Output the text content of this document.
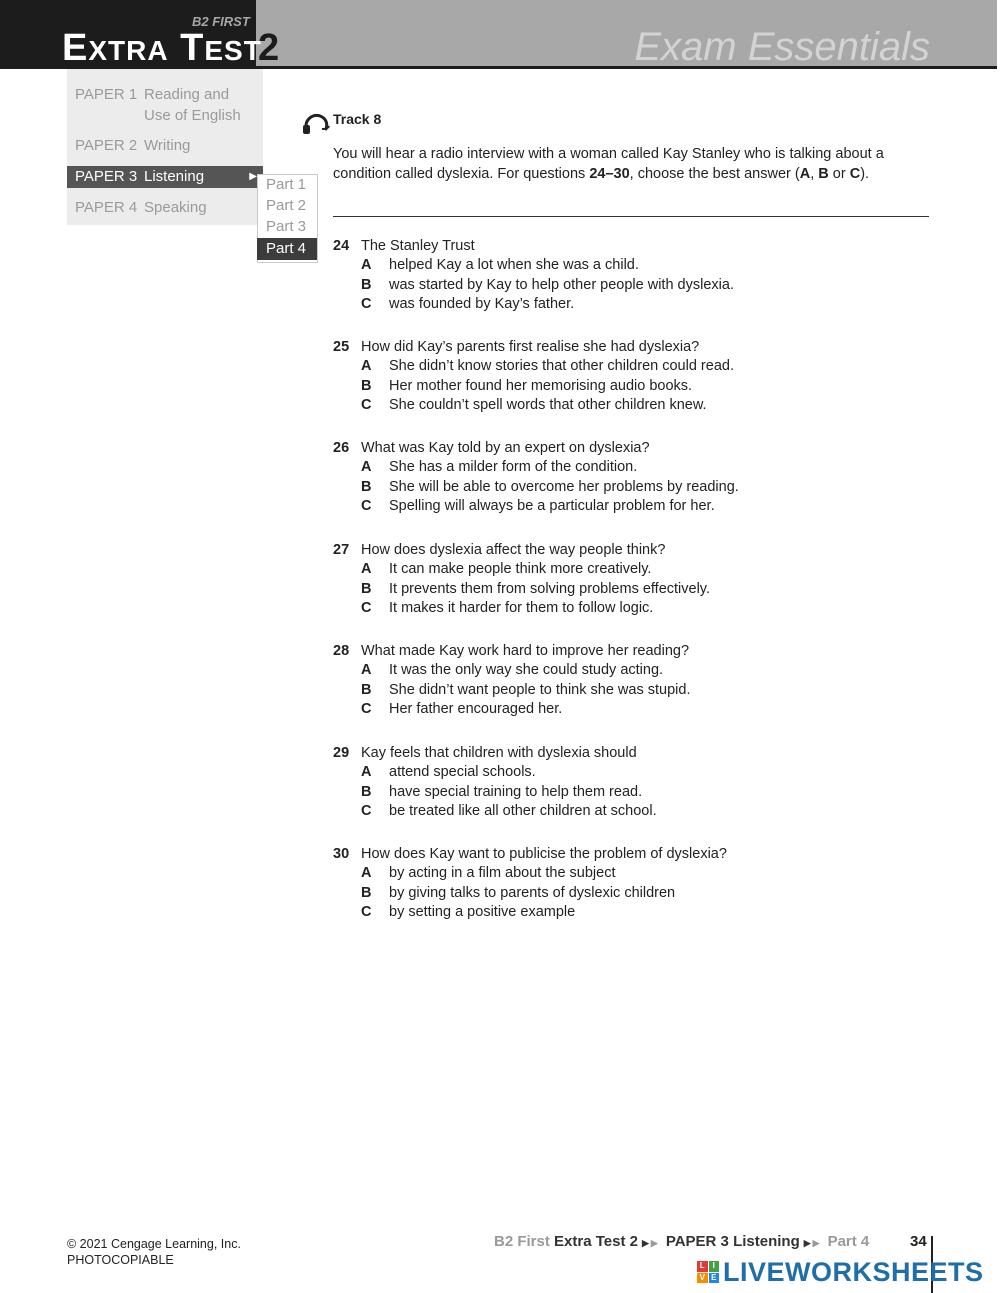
B2 FIRST
EXTRA TEST
2	Exam Essentials
PAPER 1 Reading and
Use of English
PAPER 2 Writing
PAPER 3 Listening	▶
PAPER 4 Speaking
Part 1
Part 2
Part 3
Part 4
Track 8
You will hear a radio interview with a woman called Kay Stanley who is talking about a condition called dyslexia. For questions 24–30, choose the best answer (A, B or C).
24 The Stanley Trust
A helped Kay a lot when she was a child.
B was started by Kay to help other people with dyslexia.
C was founded by Kay’s father.
25 How did Kay’s parents first realise she had dyslexia?
A She didn’t know stories that other children could read.
B Her mother found her memorising audio books.
C She couldn’t spell words that other children knew.
26 What was Kay told by an expert on dyslexia?
A She has a milder form of the condition.
B She will be able to overcome her problems by reading.
C Spelling will always be a particular problem for her.
27 How does dyslexia affect the way people think?
A It can make people think more creatively.
B It prevents them from solving problems effectively.
C It makes it harder for them to follow logic.
28 What made Kay work hard to improve her reading?
A It was the only way she could study acting.
B She didn’t want people to think she was stupid.
C Her father encouraged her.
29 Kay feels that children with dyslexia should
A attend special schools.
B have special training to help them read.
C be treated like all other children at school.
30 How does Kay want to publicise the problem of dyslexia?
A by acting in a film about the subject
B by giving talks to parents of dyslexic children
C by setting a positive example
© 2021 Cengage Learning, Inc.
PHOTOCOPIABLE
B2 First Extra Test 2 ▶ ▶ PAPER 3 Listening ▶ ▶ Part 4	34
L I
V E LIVEWORKSHEETS
